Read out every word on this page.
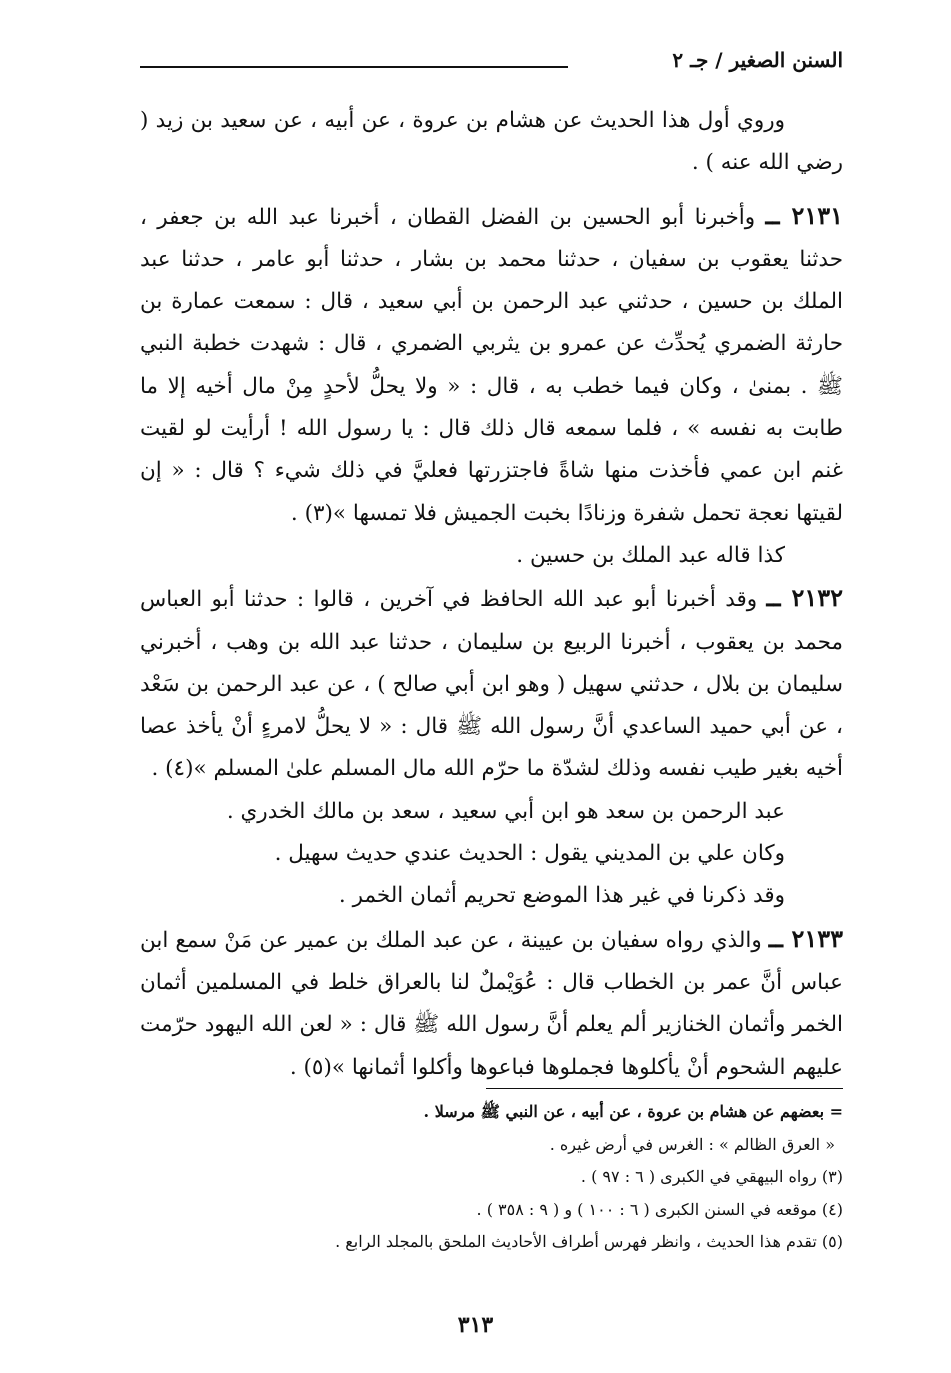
السنن الصغير / جـ ٢

وروي أول هذا الحديث عن هشام بن عروة ، عن أبيه ، عن سعيد بن زيد ( رضي الله عنه ) .

٢١٣١ ــ وأخبرنا أبو الحسين بن الفضل القطان ، أخبرنا عبد الله بن جعفر ، حدثنا يعقوب بن سفيان ، حدثنا محمد بن بشار ، حدثنا أبو عامر ، حدثنا عبد الملك بن حسين ، حدثني عبد الرحمن بن أبي سعيد ، قال : سمعت عمارة بن حارثة الضمري يُحدِّث عن عمرو بن يثربي الضمري ، قال : شهدت خطبة النبي ﷺ . بمنىٰ ، وكان فيما خطب به ، قال : « ولا يحلُّ لأحدٍ مِنْ مال أخيه إلا ما طابت به نفسه » ، فلما سمعه قال ذلك قال : يا رسول الله ! أرأيت لو لقيت غنم ابن عمي فأخذت منها شاةً فاجتزرتها فعليَّ في ذلك شيء ؟ قال : « إن لقيتها نعجة تحمل شفرة وزنادًا بخبت الجميش فلا تمسها »(٣) .

كذا قاله عبد الملك بن حسين .

٢١٣٢ ــ وقد أخبرنا أبو عبد الله الحافظ في آخرين ، قالوا : حدثنا أبو العباس محمد بن يعقوب ، أخبرنا الربيع بن سليمان ، حدثنا عبد الله بن وهب ، أخبرني سليمان بن بلال ، حدثني سهيل ( وهو ابن أبي صالح ) ، عن عبد الرحمن بن سَعْد ، عن أبي حميد الساعدي أنَّ رسول الله ﷺ قال : « لا يحلُّ لامرءٍ أنْ يأخذ عصا أخيه بغير طيب نفسه وذلك لشدّة ما حرّم الله مال المسلم علىٰ المسلم »(٤) .

عبد الرحمن بن سعد هو ابن أبي سعيد ، سعد بن مالك الخدري .

وكان علي بن المديني يقول : الحديث عندي حديث سهيل .

وقد ذكرنا في غير هذا الموضع تحريم أثمان الخمر .

٢١٣٣ ــ والذي رواه سفيان بن عيينة ، عن عبد الملك بن عمير عن مَنْ سمع ابن عباس أنَّ عمر بن الخطاب قال : عُوَيْملٌ لنا بالعراق خلط في المسلمين أثمان الخمر وأثمان الخنازير ألم يعلم أنَّ رسول الله ﷺ قال : « لعن الله اليهود حرّمت عليهم الشحوم أنْ يأكلوها فجملوها فباعوها وأكلوا أثمانها »(٥) .

= بعضهم عن هشام بن عروة ، عن أبيه ، عن النبي ﷺ مرسلا .

« العرق الظالم » : الغرس في أرض غيره .

(٣) رواه البيهقي في الكبرى ( ٦ : ٩٧ ) .

(٤) موقعه في السنن الكبرى ( ٦ : ١٠٠ ) و ( ٩ : ٣٥٨ ) .

(٥) تقدم هذا الحديث ، وانظر فهرس أطراف الأحاديث الملحق بالمجلد الرابع .

٣١٣
